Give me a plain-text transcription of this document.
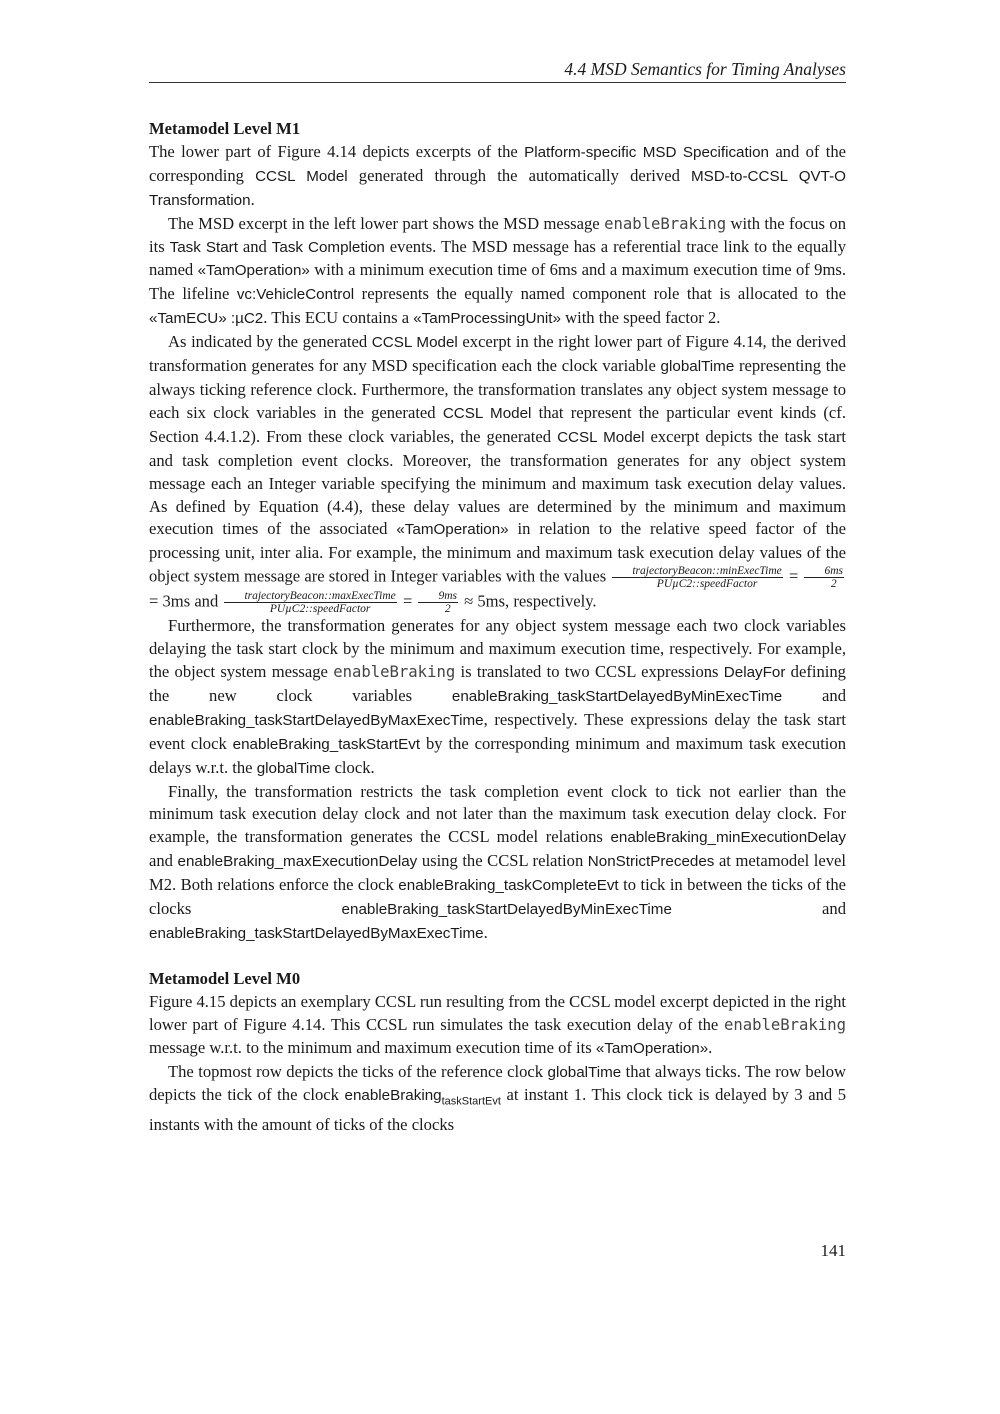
4.4 MSD Semantics for Timing Analyses
Metamodel Level M1

The lower part of Figure 4.14 depicts excerpts of the Platform-specific MSD Specification and of the corresponding CCSL Model generated through the automatically derived MSD-to-CCSL QVT-O Transformation.

The MSD excerpt in the left lower part shows the MSD message enableBraking with the focus on its Task Start and Task Completion events. The MSD message has a referential trace link to the equally named «TamOperation» with a minimum execution time of 6ms and a maximum execution time of 9ms. The lifeline vc:VehicleControl represents the equally named component role that is allocated to the «TamECU» :µC2. This ECU contains a «TamProcessingUnit» with the speed factor 2.

As indicated by the generated CCSL Model excerpt in the right lower part of Figure 4.14, the derived transformation generates for any MSD specification each the clock variable globalTime representing the always ticking reference clock. Furthermore, the transformation translates any object system message to each six clock variables in the generated CCSL Model that represent the particular event kinds (cf. Section 4.4.1.2). From these clock variables, the generated CCSL Model excerpt depicts the task start and task completion event clocks. Moreover, the transformation generates for any object system message each an Integer variable specifying the minimum and maximum task execution delay values. As defined by Equation (4.4), these delay values are determined by the minimum and maximum execution times of the associated «TamOperation» in relation to the relative speed factor of the processing unit, inter alia. For example, the minimum and maximum task execution delay values of the object system message are stored in Integer variables with the values $\frac{\text{trajectoryBeacon::minExecTime}}{\text{PUµC2::speedFactor}} = \frac{6ms}{2}$
= 3ms and $\frac{\text{trajectoryBeacon::maxExecTime}}{\text{PUµC2::speedFactor}} = \frac{9ms}{2} \approx 5ms$, respectively.

Furthermore, the transformation generates for any object system message each two clock variables delaying the task start clock by the minimum and maximum execution time, respectively. For example, the object system message enableBraking is translated to two CCSL expressions DelayFor defining the new clock variables enableBraking_taskStartDelayedByMinExecTime and enableBraking_taskStartDelayedByMaxExecTime, respectively. These expressions delay the task start event clock enableBraking_taskStartEvt by the corresponding minimum and maximum task execution delays w.r.t. the globalTime clock.

Finally, the transformation restricts the task completion event clock to tick not earlier than the minimum task execution delay clock and not later than the maximum task execution delay clock. For example, the transformation generates the CCSL model relations enableBraking_minExecutionDelay and enableBraking_maxExecutionDelay using the CCSL relation NonStrictPrecedes at metamodel level M2. Both relations enforce the clock enableBraking_taskCompleteEvt to tick in between the ticks of the clocks enableBraking_taskStartDelayedByMinExecTime and enableBraking_taskStartDelayedByMaxExecTime.

Metamodel Level M0

Figure 4.15 depicts an exemplary CCSL run resulting from the CCSL model excerpt depicted in the right lower part of Figure 4.14. This CCSL run simulates the task execution delay of the enableBraking message w.r.t. to the minimum and maximum execution time of its «TamOperation».

The topmost row depicts the ticks of the reference clock globalTime that always ticks. The row below depicts the tick of the clock enableBraking$_{taskStartEvt}$ at instant 1. This clock tick is delayed by 3 and 5 instants with the amount of ticks of the clocks

141
